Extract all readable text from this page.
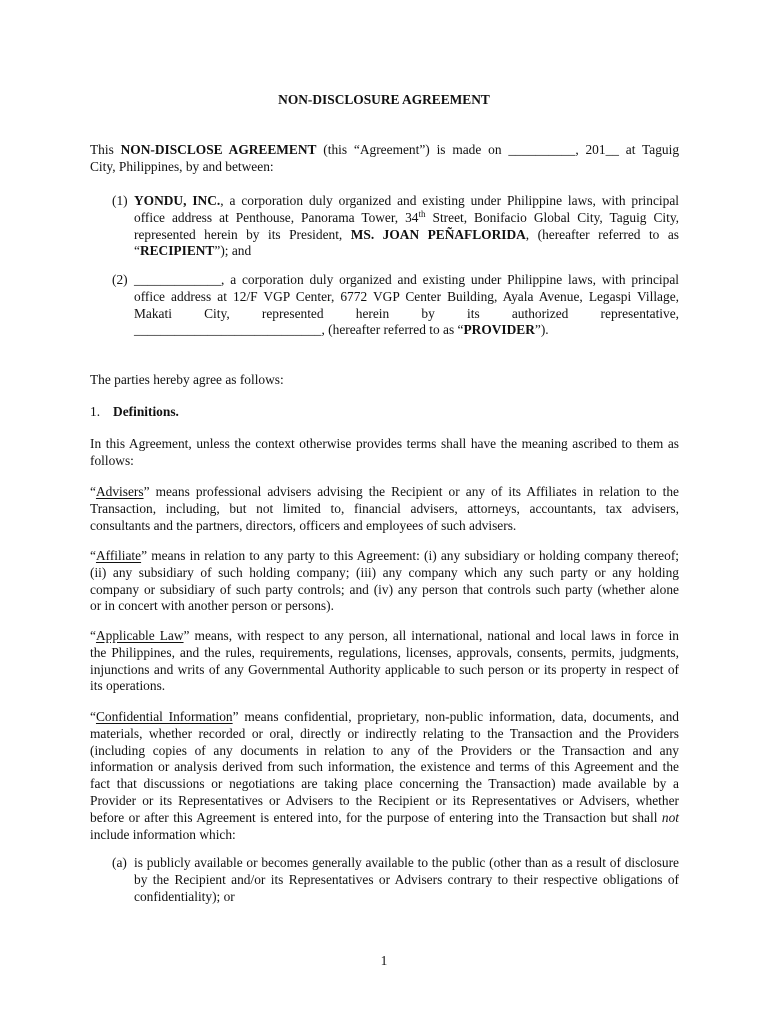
NON-DISCLOSURE AGREEMENT

This NON-DISCLOSE AGREEMENT (this “Agreement”) is made on __________, 201__ at Taguig
City, Philippines, by and between:
(1) YONDU, INC., a corporation duly organized and existing under Philippine laws, with principal
office address at Penthouse, Panorama Tower, 34th Street, Bonifacio Global City, Taguig City,
represented herein by its President, MS. JOAN PEÑAFLORIDA, (hereafter referred to as
“RECIPIENT”); and
(2) _____________, a corporation duly organized and existing under Philippine laws, with principal
office address at 12/F VGP Center, 6772 VGP Center Building, Ayala Avenue, Legaspi Village,
Makati City, represented herein by its authorized representative,
____________________________, (hereafter referred to as “PROVIDER”).

The parties hereby agree as follows:

1. Definitions.
In this Agreement, unless the context otherwise provides terms shall have the meaning ascribed to them as
follows:
“Advisers” means professional advisers advising the Recipient or any of its Affiliates in relation to the
Transaction, including, but not limited to, financial advisers, attorneys, accountants, tax advisers,
consultants and the partners, directors, officers and employees of such advisers.
“Affiliate” means in relation to any party to this Agreement: (i) any subsidiary or holding company thereof;
(ii) any subsidiary of such holding company; (iii) any company which any such party or any holding
company or subsidiary of such party controls; and (iv) any person that controls such party (whether alone
or in concert with another person or persons).
“Applicable Law” means, with respect to any person, all international, national and local laws in force in
the Philippines, and the rules, requirements, regulations, licenses, approvals, consents, permits, judgments,
injunctions and writs of any Governmental Authority applicable to such person or its property in respect of
its operations.
“Confidential Information” means confidential, proprietary, non-public information, data, documents, and
materials, whether recorded or oral, directly or indirectly relating to the Transaction and the Providers
(including copies of any documents in relation to any of the Providers or the Transaction and any
information or analysis derived from such information, the existence and terms of this Agreement and the
fact that discussions or negotiations are taking place concerning the Transaction) made available by a
Provider or its Representatives or Advisers to the Recipient or its Representatives or Advisers, whether
before or after this Agreement is entered into, for the purpose of entering into the Transaction but shall not
include information which:
(a) is publicly available or becomes generally available to the public (other than as a result of disclosure
by the Recipient and/or its Representatives or Advisers contrary to their respective obligations of
confidentiality); or
1
